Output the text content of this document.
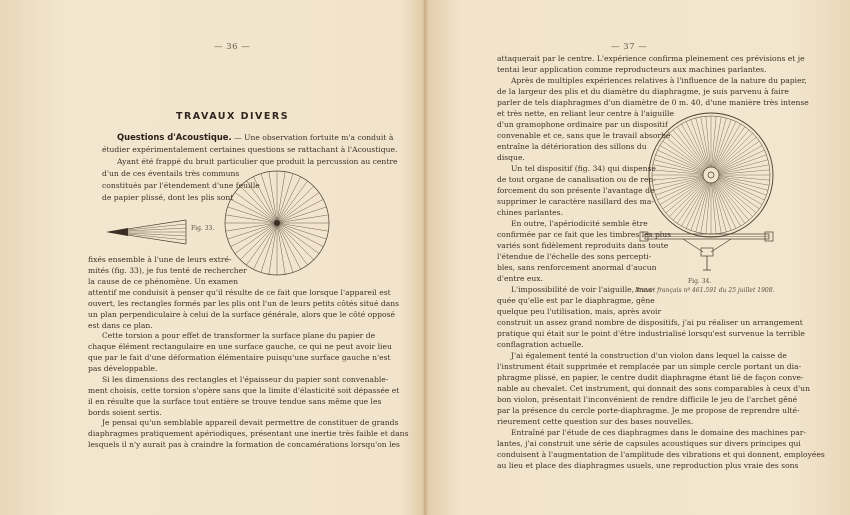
— 36 —
TRAVAUX DIVERS
Questions d'Acoustique. — Une observation fortuite m'a conduit à
étudier expérimentalement certaines questions se rattachant à l'Acoustique.
Ayant été frappé du bruit particulier que produit la percussion au centre
d'un de ces éventails très communs
constitués par l'étendement d'une feuille
de papier plissé, dont les plis sont
Fig. 33.
fixés ensemble à l'une de leurs extré-
mités (fig. 33), je fus tenté de rechercher
la cause de ce phénomène. Un examen
attentif me conduisit à penser qu'il résulte de ce fait que lorsque l'appareil est
ouvert, les rectangles formés par les plis ont l'un de leurs petits côtés situé dans
un plan perpendiculaire à celui de la surface générale, alors que le côté opposé
est dans ce plan.
Cette torsion a pour effet de transformer la surface plane du papier de
chaque élément rectangulaire en une surface gauche, ce qui ne peut avoir lieu
que par le fait d'une déformation élémentaire puisqu'une surface gauche n'est
pas développable.
Si les dimensions des rectangles et l'épaisseur du papier sont convenable-
ment choisis, cette torsion s'opère sans que la limite d'élasticité soit dépassée et
il en résulte que la surface tout entière se trouve tendue sans même que les
bords soient sertis.
Je pensai qu'un semblable appareil devait permettre de constituer de grands
diaphragmes pratiquement apériodiques, présentant une inertie très faible et dans
lesquels il n'y aurait pas à craindre la formation de concamérations lorsqu'on les
— 37 —
attaquerait par le centre. L'expérience confirma pleinement ces prévisions et je
tentai leur application comme reproducteurs aux machines parlantes.
Après de multiples expériences relatives à l'influence de la nature du papier,
de la largeur des plis et du diamètre du diaphragme, je suis parvenu à faire
parler de tels diaphragmes d'un diamètre de 0 m. 40, d'une manière très intense
et très nette, en reliant leur centre à l'aiguille
d'un gramophone ordinaire par un dispositif
convenable et ce, sans que le travail absorbé
entraîne la détérioration des sillons du
disque.
Un tel dispositif (fig. 34) qui dispense
de tout organe de canalisation ou de ren-
forcement du son présente l'avantage de
supprimer le caractère nasillard des ma-
chines parlantes.
En outre, l'apériodicité semble être
confirmée par ce fait que les timbres les plus
variés sont fidèlement reproduits dans toute
l'étendue de l'échelle des sons percepti-
bles, sans renforcement anormal d'aucun
d'entre eux.
L'impossibilité de voir l'aiguille, mas-
quée qu'elle est par le diaphragme, gêne
quelque peu l'utilisation, mais, après avoir
construit un assez grand nombre de dispositifs, j'ai pu réaliser un arrangement
pratique qui était sur le point d'être industrialisé lorsqu'est survenue la terrible
conflagration actuelle.
J'ai également tenté la construction d'un violon dans lequel la caisse de
l'instrument était supprimée et remplacée par un simple cercle portant un dia-
phragme plissé, en papier, le centre dudit diaphragme étant lié de façon conve-
nable au chevalet. Cet instrument, qui donnait des sons comparables à ceux d'un
bon violon, présentait l'inconvénient de rendre difficile le jeu de l'archet gêné
par la présence du cercle porte-diaphragme. Je me propose de reprendre ulté-
rieurement cette question sur des bases nouvelles.
Entraîné par l'étude de ces diaphragmes dans le domaine des machines par-
lantes, j'ai construit une série de capsules acoustiques sur divers principes qui
conduisent à l'augmentation de l'amplitude des vibrations et qui donnent, employées
au lieu et place des diaphragmes usuels, une reproduction plus vraie des sons
Fig. 34.
Brevet français nº 461.591 du 25 juillet 1908.
